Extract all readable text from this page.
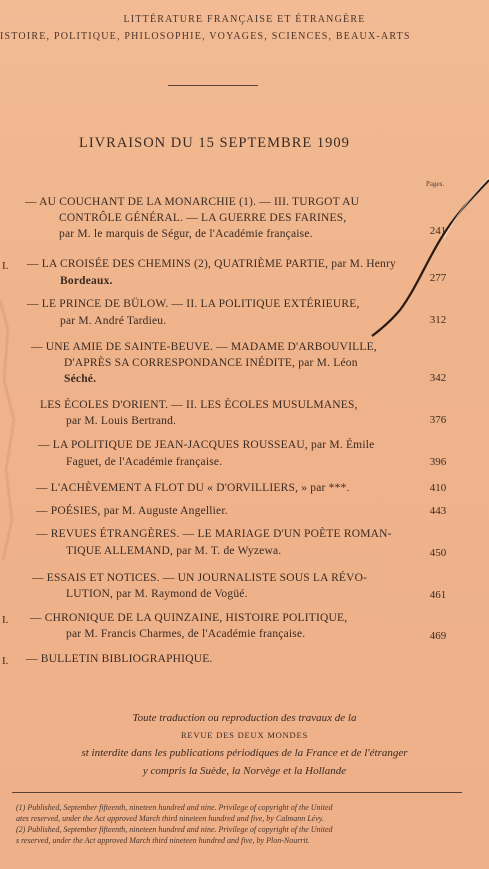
LITTÉRATURE FRANÇAISE ET ÉTRANGÈRE
ISTOIRE, POLITIQUE, PHILOSOPHIE, VOYAGES, SCIENCES, BEAUX-ARTS
LIVRAISON DU 15 SEPTEMBRE 1909
Pages.
— AU COUCHANT DE LA MONARCHIE (1). — III. TURGOT AU
CONTRÔLE GÉNÉRAL. — LA GUERRE DES FARINES,
par M. le marquis de Ségur, de l'Académie française.	241
I. — LA CROISÉE DES CHEMINS (2), QUATRIÈME PARTIE, par M. Henry
Bordeaux.	277
— LE PRINCE DE BÜLOW. — II. LA POLITIQUE EXTÉRIEURE,
par M. André Tardieu.	312
— UNE AMIE DE SAINTE-BEUVE. — MADAME D'ARBOUVILLE,
D'APRÈS SA CORRESPONDANCE INÉDITE, par M. Léon
Séché.	342
LES ÉCOLES D'ORIENT. — II. LES ÉCOLES MUSULMANES,
par M. Louis Bertrand.	376
— LA POLITIQUE DE JEAN-JACQUES ROUSSEAU, par M. Émile
Faguet, de l'Académie française.	396
— L'ACHÈVEMENT A FLOT DU « D'ORVILLIERS, » par ***.	410
— POÉSIES, par M. Auguste Angellier.	443
— REVUES ÉTRANGÈRES. — LE MARIAGE D'UN POÈTE ROMAN-
TIQUE ALLEMAND, par M. T. de Wyzewa.	450
— ESSAIS ET NOTICES. — UN JOURNALISTE SOUS LA RÉVO-
LUTION, par M. Raymond de Vogüé.	461
I. — CHRONIQUE DE LA QUINZAINE, HISTOIRE POLITIQUE,
par M. Francis Charmes, de l'Académie française.	469
I. — BULLETIN BIBLIOGRAPHIQUE.
Toute traduction ou reproduction des travaux de la
REVUE DES DEUX MONDES
st interdite dans les publications périodiques de la France et de l'étranger
y compris la Suède, la Norvège et la Hollande
(1) Published, September fifteenth, nineteen hundred and nine. Privilege of copyright of the United
ates reserved, under the Act approved March third nineteen hundred and five, by Calmann Lévy.
(2) Published, September fifteenth, nineteen hundred and nine. Privilege of copyright of the United
s reserved, under the Act approved March third nineteen hundred and five, by Plon-Nourrit.
